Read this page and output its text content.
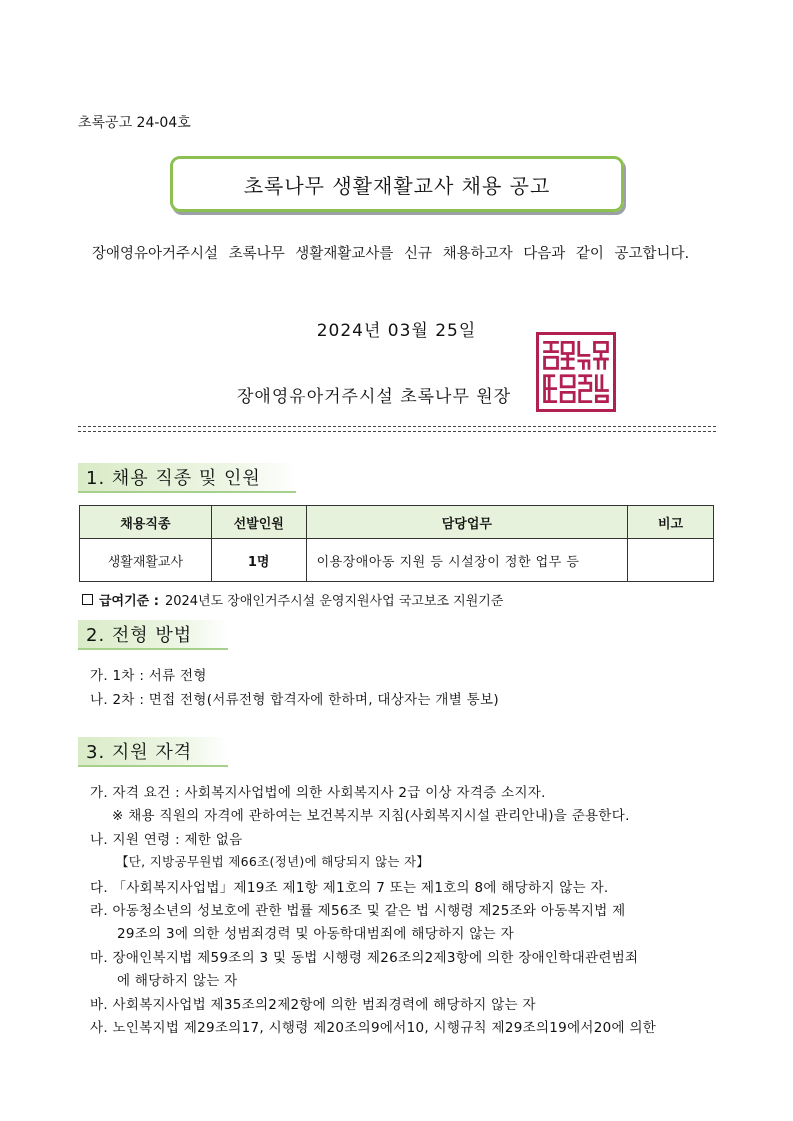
초록공고 24-04호
초록나무 생활재활교사 채용 공고
장애영유아거주시설 초록나무 생활재활교사를 신규 채용하고자 다음과 같이 공고합니다.
2024년 03월 25일
장애영유아거주시설 초록나무 원장
1. 채용 직종 및 인원
채용직종	선발인원	담당업무	비고
생활재활교사	1명	이용장애아동 지원 등 시설장이 정한 업무 등	
급여기준 : 2024년도 장애인거주시설 운영지원사업 국고보조 지원기준
2. 전형 방법
가. 1차 : 서류 전형
나. 2차 : 면접 전형(서류전형 합격자에 한하며, 대상자는 개별 통보)
3. 지원 자격
가. 자격 요건 : 사회복지사업법에 의한 사회복지사 2급 이상 자격증 소지자.
※ 채용 직원의 자격에 관하여는 보건복지부 지침(사회복지시설 관리안내)을 준용한다.
나. 지원 연령 : 제한 없음
【단, 지방공무원법 제66조(정년)에 해당되지 않는 자】
다. 「사회복지사업법」제19조 제1항 제1호의 7 또는 제1호의 8에 해당하지 않는 자.
라. 아동청소년의 성보호에 관한 법률 제56조 및 같은 법 시행령 제25조와 아동복지법 제
29조의 3에 의한 성범죄경력 및 아동학대범죄에 해당하지 않는 자
마. 장애인복지법 제59조의 3 및 동법 시행령 제26조의2제3항에 의한 장애인학대관련범죄
에 해당하지 않는 자
바. 사회복지사업법 제35조의2제2항에 의한 범죄경력에 해당하지 않는 자
사. 노인복지법 제29조의17, 시행령 제20조의9에서10, 시행규칙 제29조의19에서20에 의한
